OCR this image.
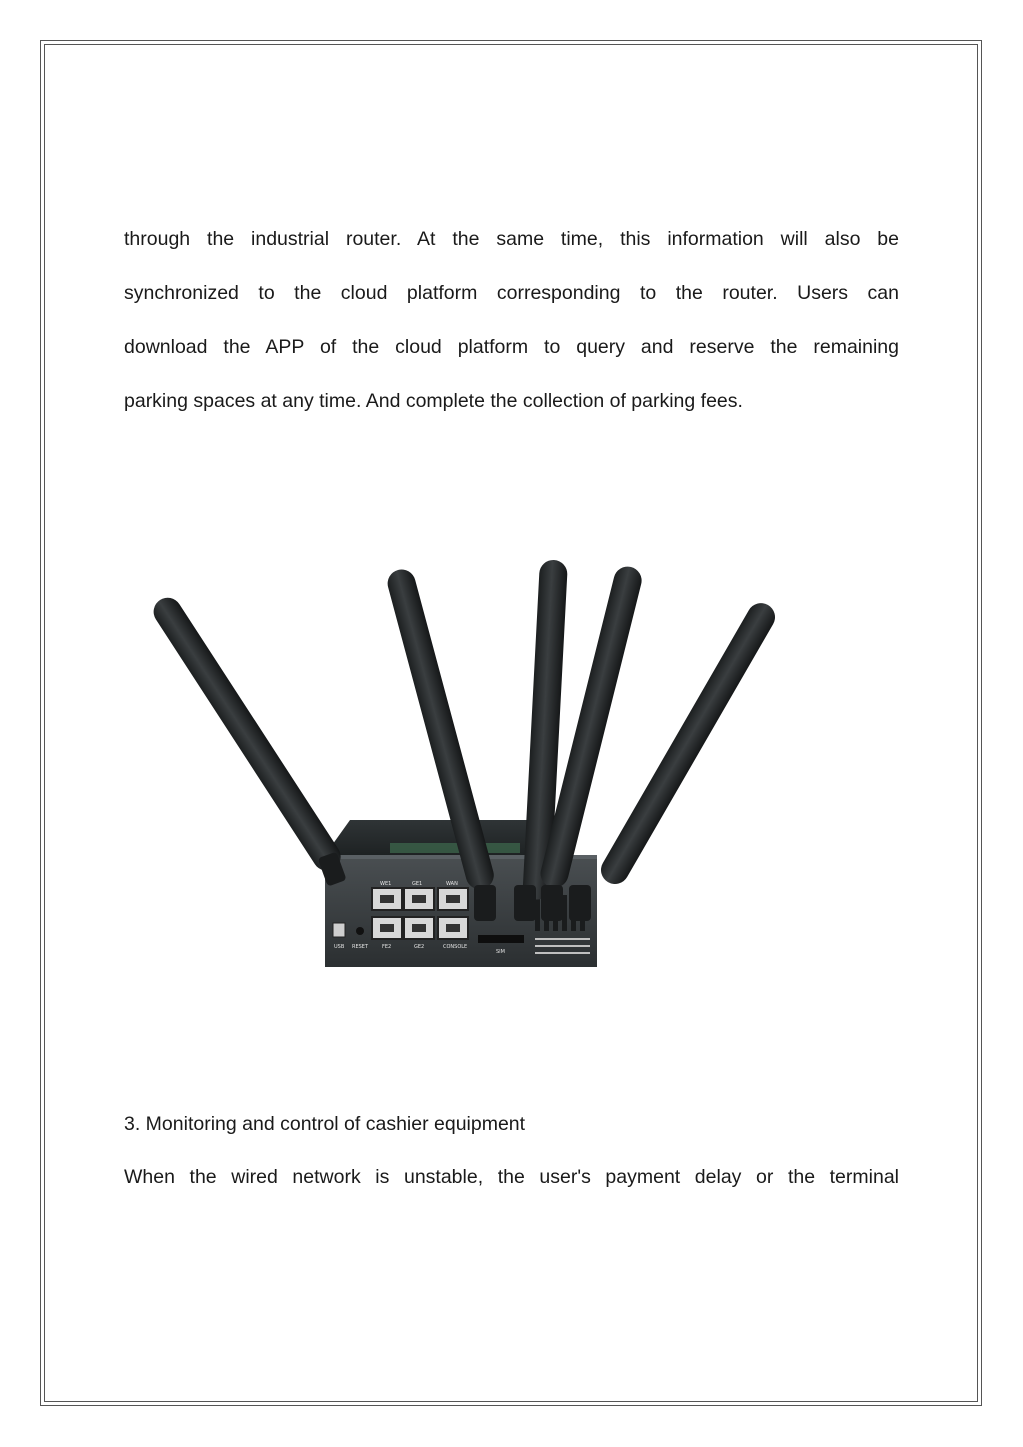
through the industrial router. At the same time, this information will also be
synchronized to the cloud platform corresponding to the router. Users can
download the APP of the cloud platform to query and reserve the remaining
parking spaces at any time. And complete the collection of parking fees.
WE1	GE1	WAN
USB RESET	FE2	GE2	CONSOLE
SIM
3. Monitoring and control of cashier equipment
When the wired network is unstable, the user's payment delay or the terminal
